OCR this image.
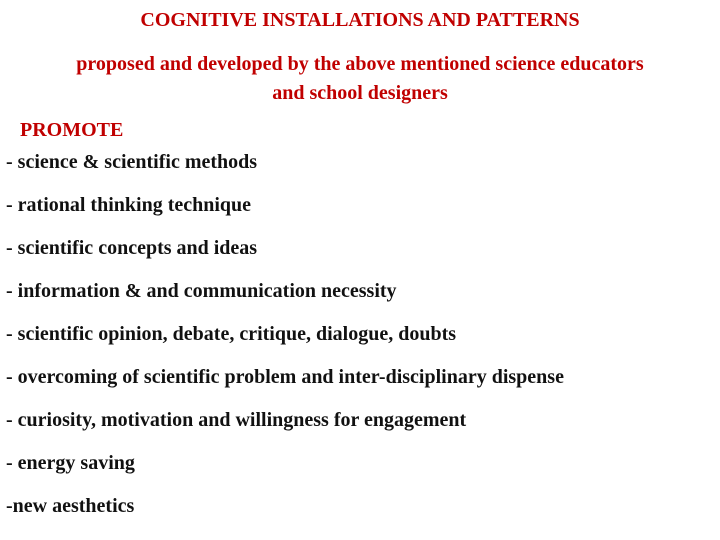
COGNITIVE INSTALLATIONS AND PATTERNS
proposed and developed by the above mentioned science educators
and school designers
PROMOTE
- science & scientific methods
- rational thinking technique
- scientific concepts and ideas
- information & and communication necessity
- scientific opinion, debate, critique, dialogue, doubts
- overcoming of scientific problem and inter-disciplinary dispense
- curiosity, motivation and willingness for engagement
- energy saving
-new aesthetics
